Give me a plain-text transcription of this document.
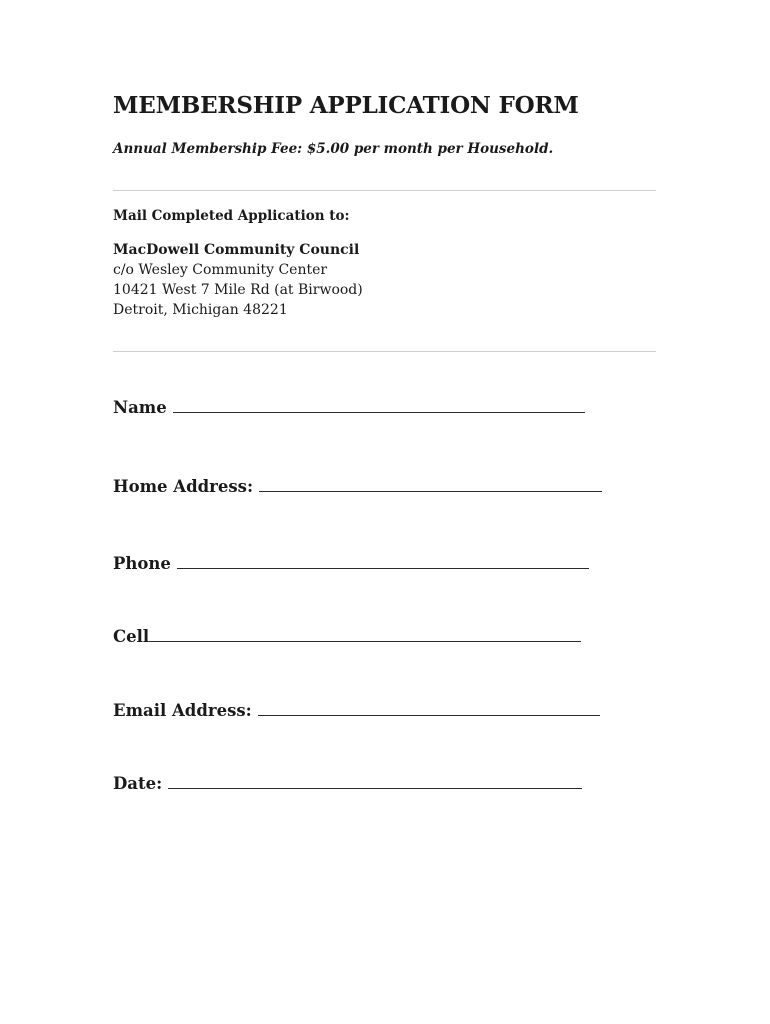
MEMBERSHIP APPLICATION FORM
Annual Membership Fee: $5.00 per month per Household.
Mail Completed Application to:
MacDowell Community Council
c/o Wesley Community Center
10421 West 7 Mile Rd (at Birwood)
Detroit, Michigan 48221
Name
Home Address:
Phone
Cell
Email Address:
Date:
